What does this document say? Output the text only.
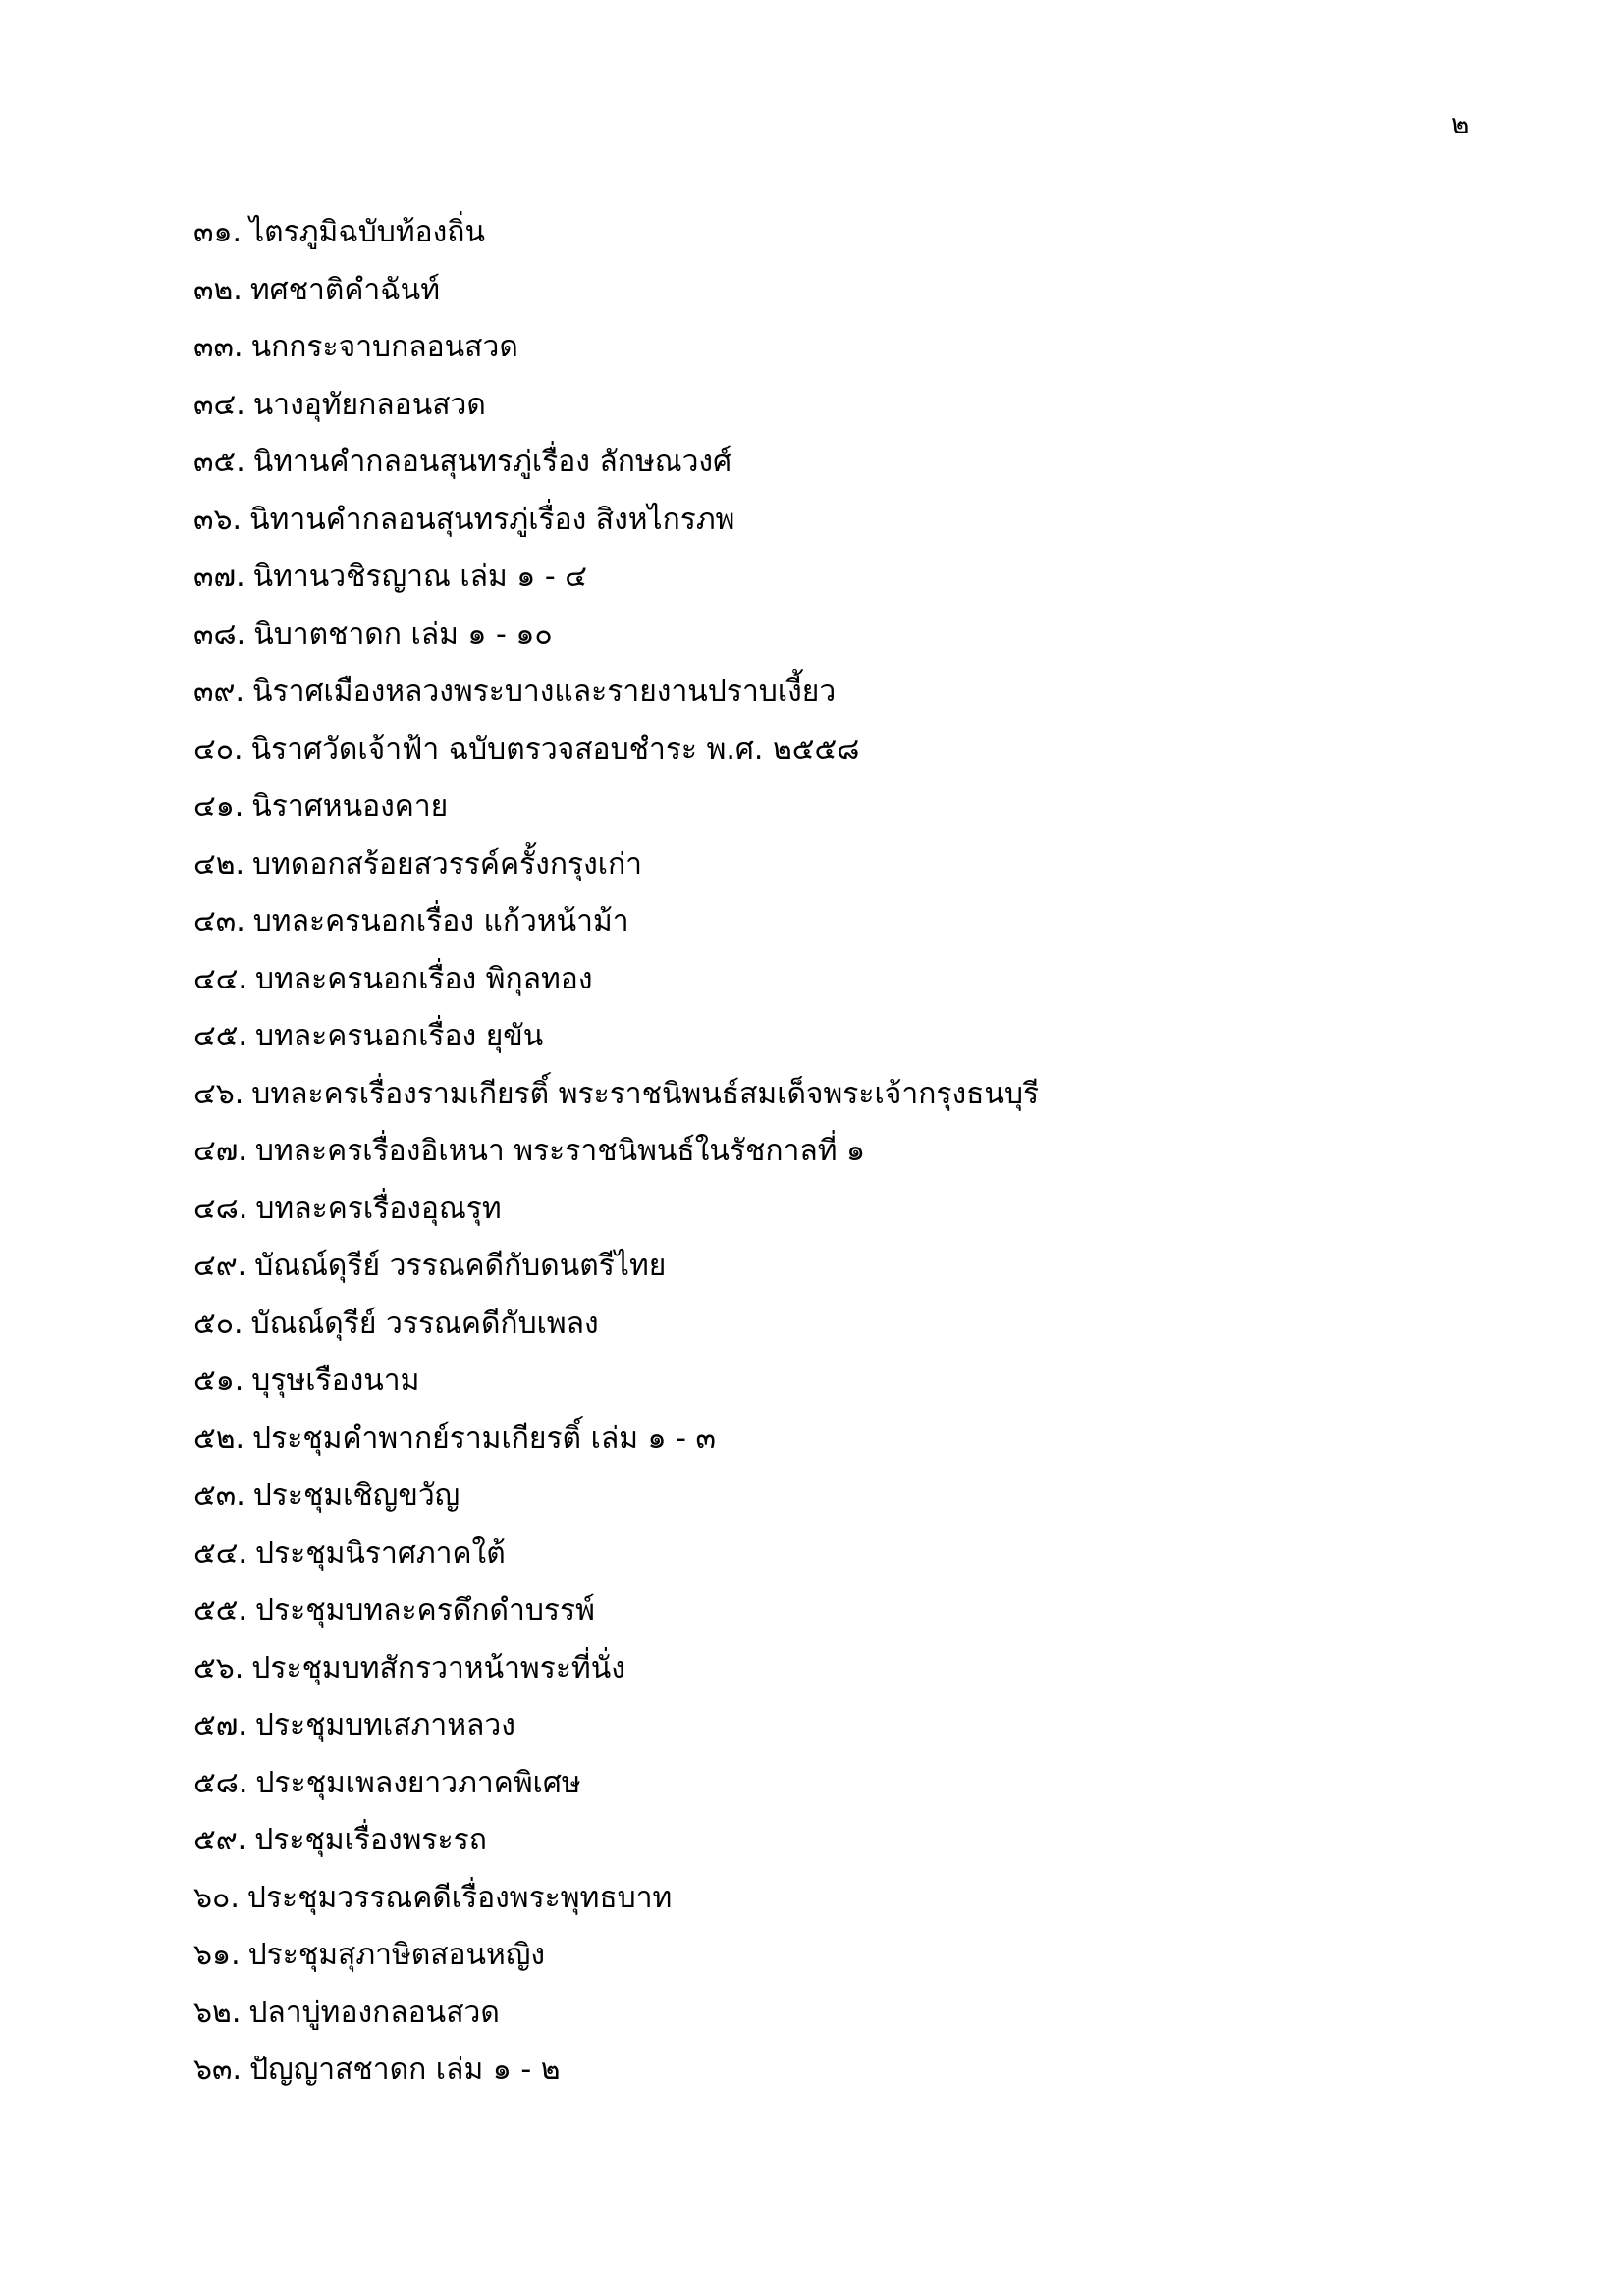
๒
๓๑. ไตรภูมิฉบับท้องถิ่น
๓๒. ทศชาติคำฉันท์
๓๓. นกกระจาบกลอนสวด
๓๔. นางอุทัยกลอนสวด
๓๕. นิทานคำกลอนสุนทรภู่เรื่อง ลักษณวงศ์
๓๖. นิทานคำกลอนสุนทรภู่เรื่อง สิงหไกรภพ
๓๗. นิทานวชิรญาณ เล่ม ๑ - ๔
๓๘. นิบาตชาดก เล่ม ๑ - ๑๐
๓๙. นิราศเมืองหลวงพระบางและรายงานปราบเงี้ยว
๔๐. นิราศวัดเจ้าฟ้า ฉบับตรวจสอบชำระ พ.ศ. ๒๕๕๘
๔๑. นิราศหนองคาย
๔๒. บทดอกสร้อยสวรรค์ครั้งกรุงเก่า
๔๓. บทละครนอกเรื่อง แก้วหน้าม้า
๔๔. บทละครนอกเรื่อง พิกุลทอง
๔๕. บทละครนอกเรื่อง ยุขัน
๔๖. บทละครเรื่องรามเกียรติ์ พระราชนิพนธ์สมเด็จพระเจ้ากรุงธนบุรี
๔๗. บทละครเรื่องอิเหนา พระราชนิพนธ์ในรัชกาลที่ ๑
๔๘. บทละครเรื่องอุณรุท
๔๙. บัณณ์ดุรีย์ วรรณคดีกับดนตรีไทย
๕๐. บัณณ์ดุรีย์ วรรณคดีกับเพลง
๕๑. บุรุษเรืองนาม
๕๒. ประชุมคำพากย์รามเกียรติ์ เล่ม ๑ - ๓
๕๓. ประชุมเชิญขวัญ
๕๔. ประชุมนิราศภาคใต้
๕๕. ประชุมบทละครดึกดำบรรพ์
๕๖. ประชุมบทสักรวาหน้าพระที่นั่ง
๕๗. ประชุมบทเสภาหลวง
๕๘. ประชุมเพลงยาวภาคพิเศษ
๕๙. ประชุมเรื่องพระรถ
๖๐. ประชุมวรรณคดีเรื่องพระพุทธบาท
๖๑. ประชุมสุภาษิตสอนหญิง
๖๒. ปลาบู่ทองกลอนสวด
๖๓. ปัญญาสชาดก เล่ม ๑ - ๒
